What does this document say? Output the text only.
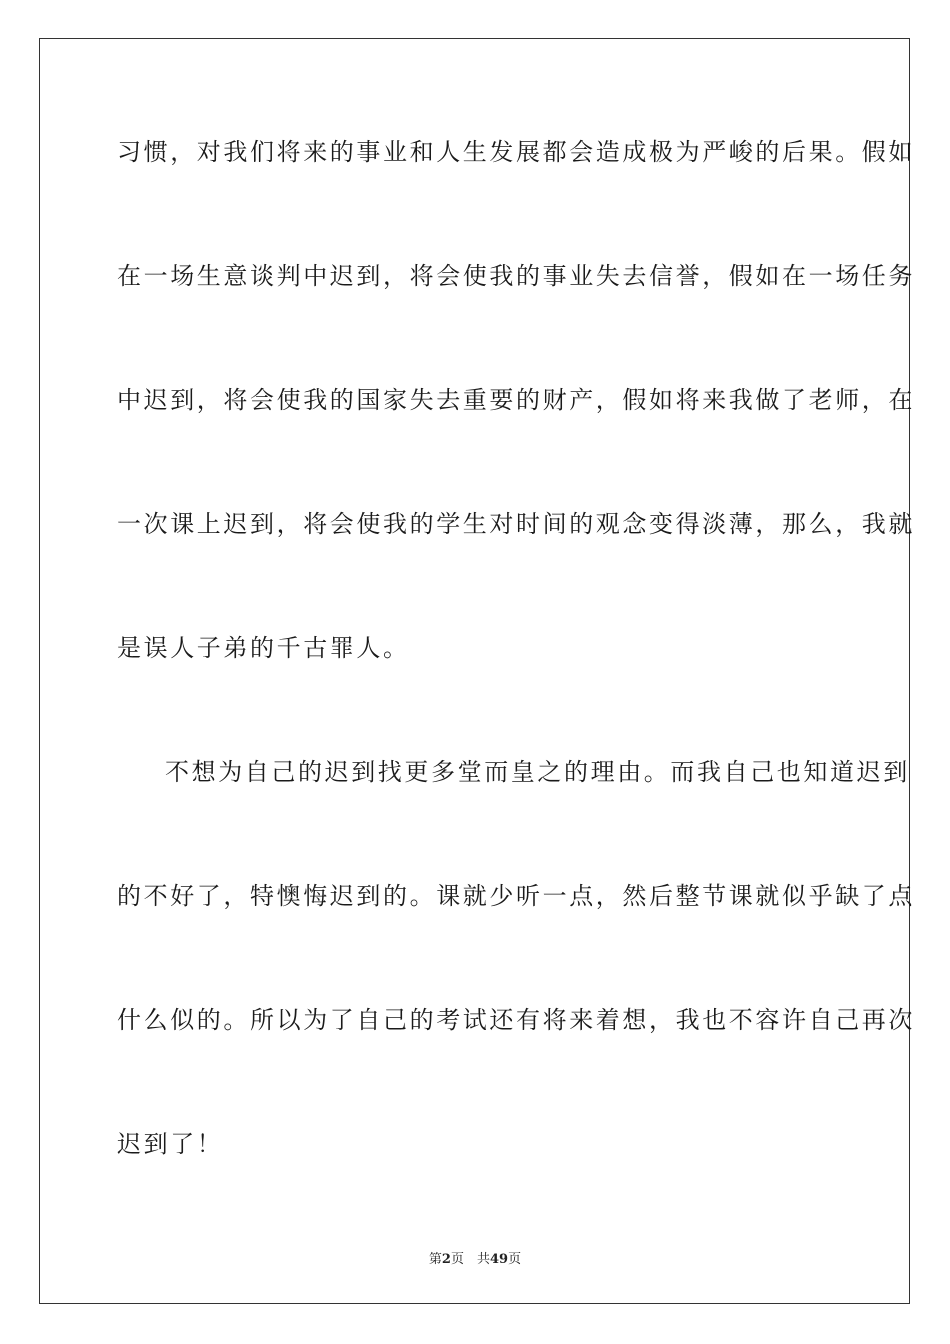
习惯，对我们将来的事业和人生发展都会造成极为严峻的后果。假如
在一场生意谈判中迟到，将会使我的事业失去信誉，假如在一场任务
中迟到，将会使我的国家失去重要的财产，假如将来我做了老师，在
一次课上迟到，将会使我的学生对时间的观念变得淡薄，那么，我就
是误人子弟的千古罪人。
不想为自己的迟到找更多堂而皇之的理由。而我自己也知道迟到
的不好了，特懊悔迟到的。课就少听一点，然后整节课就似乎缺了点
什么似的。所以为了自己的考试还有将来着想，我也不容许自己再次
迟到了！
第2页　共49页
